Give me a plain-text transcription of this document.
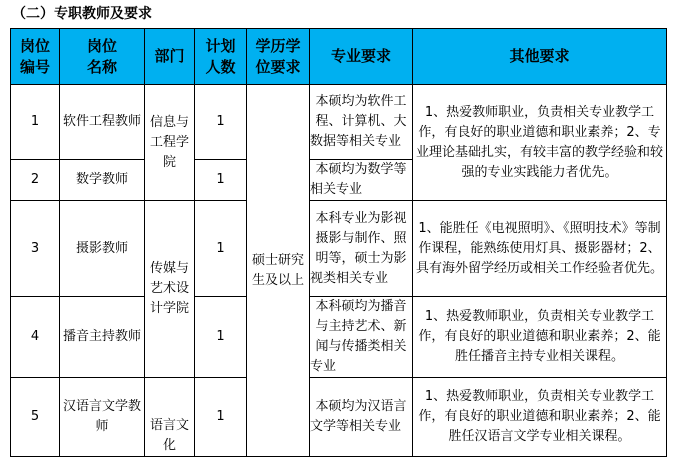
（二）专职教师及要求
岗位编号	岗位名称	部门	计划人数	学历学位要求	专业要求	其他要求
1	软件工程教师	信息与工程学院	1	硕士研究生及以上	本硕均为软件工程、计算机、大数据等相关专业	1、热爱教师职业，负责相关专业教学工作，有良好的职业道德和职业素养；2、专业理论基础扎实，有较丰富的教学经验和较强的专业实践能力者优先。
2	数学教师		1		本硕均为数学等相关专业	
3	摄影教师	传媒与艺术设计学院	1		本科专业为影视摄影与制作、照明等，硕士为影视类相关专业	1、能胜任《电视照明》、《照明技术》等制作课程，能熟练使用灯具、摄影器材；2、具有海外留学经历或相关工作经验者优先。
4	播音主持教师		1		本科硕均为播音与主持艺术、新闻与传播类相关专业	1、热爱教师职业，负责相关专业教学工作，有良好的职业道德和职业素养；2、能胜任播音主持专业相关课程。
5	汉语言文学教师	语言文化	1		本硕均为汉语言文学等相关专业	1、热爱教师职业，负责相关专业教学工作，有良好的职业道德和职业素养；2、能胜任汉语言文学专业相关课程。
